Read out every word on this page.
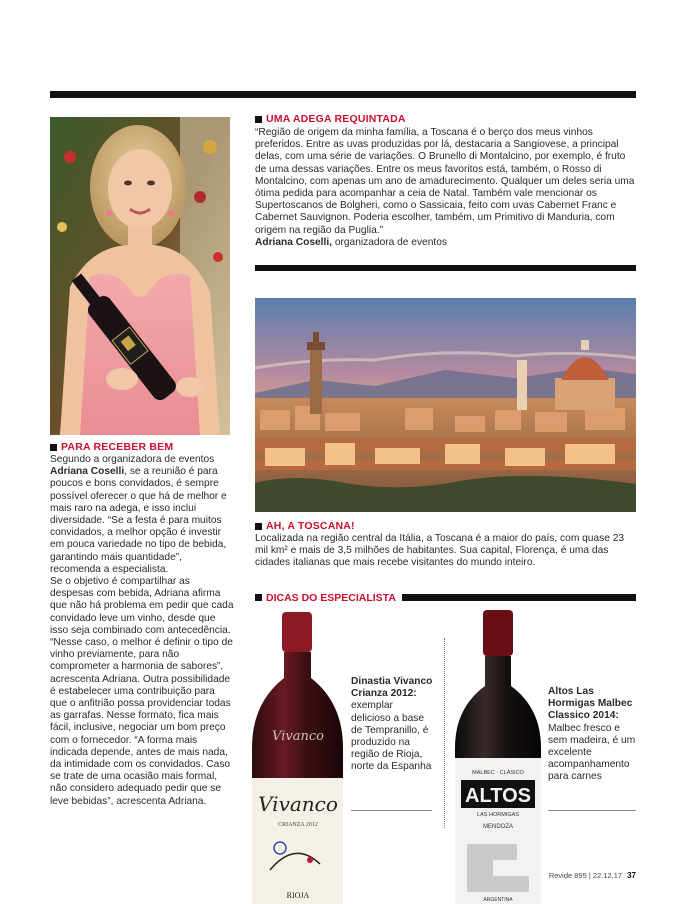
UMA ADEGA REQUINTADA
“Região de origem da minha família, a Toscana é o berço dos meus vinhos preferidos. Entre as uvas produzidas por lá, destacaria a Sangiovese, a principal delas, com uma série de variações. O Brunello di Montalcino, por exemplo, é fruto de uma dessas variações. Entre os meus favoritos está, também, o Rosso di Montalcino, com apenas um ano de amadurecimento. Qualquer um deles seria uma ótima pedida para acompanhar a ceia de Natal. Também vale mencionar os Supertoscanos de Bolgheri, como o Sassicaia, feito com uvas Cabernet Franc e Cabernet Sauvignon. Poderia escolher, também, um Primitivo di Manduria, com origem na região da Puglia.”
Adriana Coselli, organizadora de eventos
AH, A TOSCANA!
Localizada na região central da Itália, a Toscana é a maior do país, com quase 23 mil km² e mais de 3,5 milhões de habitantes. Sua capital, Florença, é uma das cidades italianas que mais recebe visitantes do mundo inteiro.
PARA RECEBER BEM
Segundo a organizadora de eventos Adriana Coselli, se a reunião é para poucos e bons convidados, é sempre possível oferecer o que há de melhor e mais raro na adega, e isso inclui diversidade. “Se a festa é para muitos convidados, a melhor opção é investir em pouca variedade no tipo de bebida, garantindo mais quantidade”, recomenda a especialista.
Se o objetivo é compartilhar as despesas com bebida, Adriana afirma que não há problema em pedir que cada convidado leve um vinho, desde que isso seja combinado com antecedência. “Nesse caso, o melhor é definir o tipo de vinho previamente, para não comprometer a harmonia de sabores”, acrescenta Adriana. Outra possibilidade é estabelecer uma contribuição para que o anfitrião possa providenciar todas as garrafas. Nesse formato, fica mais fácil, inclusive, negociar um bom preço com o fornecedor. “A forma mais indicada depende, antes de mais nada, da intimidade com os convidados. Caso se trate de uma ocasião mais formal, não considero adequado pedir que se leve bebidas”, acrescenta Adriana.
DICAS DO ESPECIALISTA
Vivanco
Vivanco
CRIANZA 2012
RIOJA
Dinastia Vivanco Crianza 2012: exemplar delicioso a base de Tempranillo, é produzido na região de Rioja, norte da Espanha
MALBEC · CLÁSICO
ALTOS
LAS HORMIGAS
MENDOZA
ARGENTINA
Altos Las Hormigas Malbec Classico 2014: Malbec fresco e sem madeira, é um excelente acompanhamento para carnes
Revide 895 | 22.12.17 37
